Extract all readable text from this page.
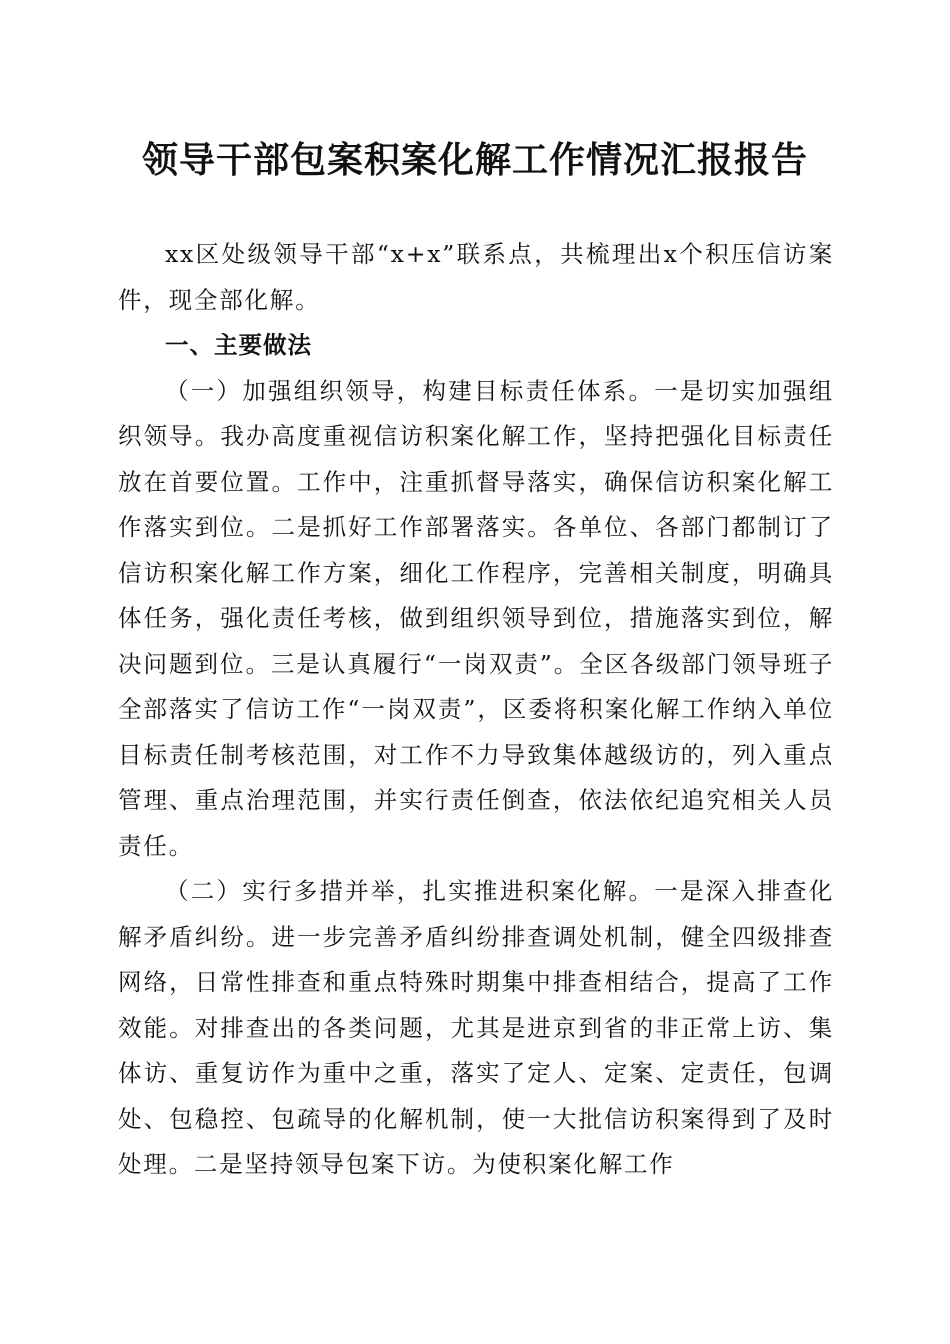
领导干部包案积案化解工作情况汇报报告

xx区处级领导干部“x+x”联系点，共梳理出x个积压信访案件，现全部化解。

一、主要做法

（一）加强组织领导，构建目标责任体系。一是切实加强组织领导。我办高度重视信访积案化解工作，坚持把强化目标责任放在首要位置。工作中，注重抓督导落实，确保信访积案化解工作落实到位。二是抓好工作部署落实。各单位、各部门都制订了信访积案化解工作方案，细化工作程序，完善相关制度，明确具体任务，强化责任考核，做到组织领导到位，措施落实到位，解决问题到位。三是认真履行“一岗双责”。全区各级部门领导班子全部落实了信访工作“一岗双责”，区委将积案化解工作纳入单位目标责任制考核范围，对工作不力导致集体越级访的，列入重点管理、重点治理范围，并实行责任倒查，依法依纪追究相关人员责任。

（二）实行多措并举，扎实推进积案化解。一是深入排查化解矛盾纠纷。进一步完善矛盾纠纷排查调处机制，健全四级排查网络，日常性排查和重点特殊时期集中排查相结合，提高了工作效能。对排查出的各类问题，尤其是进京到省的非正常上访、集体访、重复访作为重中之重，落实了定人、定案、定责任，包调处、包稳控、包疏导的化解机制，使一大批信访积案得到了及时处理。二是坚持领导包案下访。为使积案化解工作
